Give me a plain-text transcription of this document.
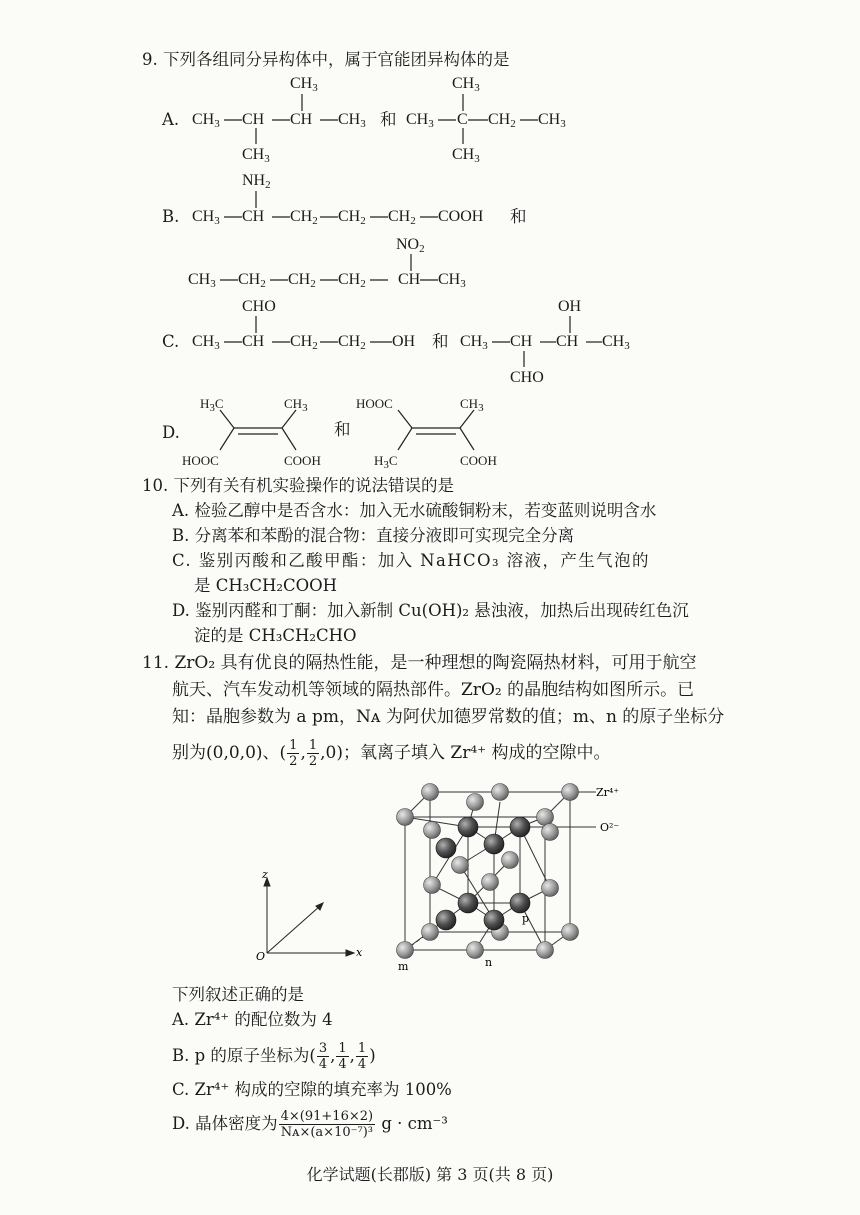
9. 下列各组同分异构体中，属于官能团异构体的是
A.
$CH_3$
$CH_3$ CH CH $CH_3$
$CH_3$
和
$CH_3$
$CH_3$ C $CH_2$ $CH_3$
$CH_3$
$NH_2$
B. $CH_3$ CH $CH_2$ $CH_2$ $CH_2$ COOH 和
$NO_2$
$CH_3$ $CH_2$ $CH_2$ $CH_2$ CH $CH_3$
CHO
C. $CH_3$ CH $CH_2$ $CH_2$ OH 和
OH
$CH_3$ CH CH $CH_3$
CHO
D.
$H_3C$	$CH_3$
HOOC	COOH
和
HOOC	$CH_3$
$H_3C$	COOH
10. 下列有关有机实验操作的说法错误的是
A. 检验乙醇中是否含水：加入无水硫酸铜粉末，若变蓝则说明含水
B. 分离苯和苯酚的混合物：直接分液即可实现完全分离
C. 鉴别丙酸和乙酸甲酯：加入 NaHCO₃ 溶液，产生气泡的
是 CH₃CH₂COOH
D. 鉴别丙醛和丁酮：加入新制 Cu(OH)₂ 悬浊液，加热后出现砖红色沉
淀的是 CH₃CH₂CHO
11. ZrO₂ 具有优良的隔热性能，是一种理想的陶瓷隔热材料，可用于航空
航天、汽车发动机等领域的隔热部件。ZrO₂ 的晶胞结构如图所示。已
知：晶胞参数为 a pm，Nᴀ 为阿伏加德罗常数的值；m、n 的原子坐标分
别为(0,0,0)、( $\frac{1}{2}$ , $\frac{1}{2} ,0$)；氧离子填入 Zr⁴⁺ 构成的空隙中。
z
x
O
Zr⁴⁺
O²⁻
p
m	n
下列叙述正确的是
A. Zr⁴⁺ 的配位数为 4
B. p 的原子坐标为( $\frac{3}{4}$ , $\frac{1}{4}$ , $\frac{1}{4}$ )
C. Zr⁴⁺ 构成的空隙的填充率为 100%
D. 晶体密度为 $\frac{4\times(91+16\times 2)}{\text{Nᴀ×(a×10⁻⁷)³}}$ g · cm⁻³
化学试题(长郡版) 第 3 页(共 8 页)
